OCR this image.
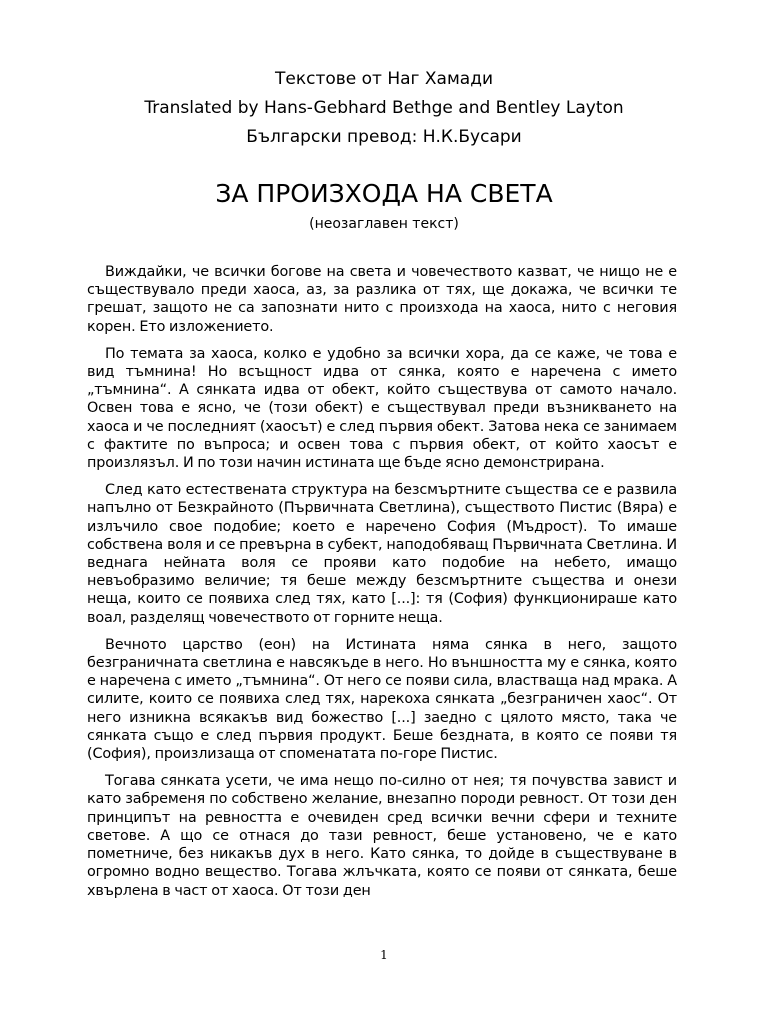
Текстове от Наг Хамади
Translated by Hans-Gebhard Bethge and Bentley Layton
Български превод: Н.К.Бусари
ЗА ПРОИЗХОДА НА СВЕТА
(неозаглавен текст)

Виждайки, че всички богове на света и човечеството казват, че нищо не е съществувало преди хаоса, аз, за разлика от тях, ще докажа, че всички те грешат, защото не са запознати нито с произхода на хаоса, нито с неговия корен. Ето изложението.

По темата за хаоса, колко е удобно за всички хора, да се каже, че това е вид тъмнина! Но всъщност идва от сянка, която е наречена с името „тъмнина“. А сянката идва от обект, който съществува от самото начало. Освен това е ясно, че (този обект) е съществувал преди възникването на хаоса и че последният (хаосът) е след първия обект. Затова нека се занимаем с фактите по въпроса; и освен това с първия обект, от който хаосът е произлязъл. И по този начин истината ще бъде ясно демонстрирана.

След като естествената структура на безсмъртните същества се е развила напълно от Безкрайното (Първичната Светлина), съществото Пистис (Вяра) е излъчило свое подобие; което е наречено София (Мъдрост). То имаше собствена воля и се превърна в субект, наподобяващ Първичната Светлина. И веднага нейната воля се прояви като подобие на небето, имащо невъобразимо величие; тя беше между безсмъртните същества и онези неща, които се появиха след тях, като [...]: тя (София) функционираше като воал, разделящ човечеството от горните неща.

Вечното царство (еон) на Истината няма сянка в него, защото безграничната светлина е навсякъде в него. Но външността му е сянка, която е наречена с името „тъмнина“. От него се появи сила, властваща над мрака. А силите, които се появиха след тях, нарекоха сянката „безграничен хаос“. От него изникна всякакъв вид божество [...] заедно с цялото място, така че сянката също е след първия продукт. Беше бездната, в която се появи тя (София), произлизаща от споменатата по-горе Пистис.

Тогава сянката усети, че има нещо по-силно от нея; тя почувства завист и като забременя по собствено желание, внезапно породи ревност. От този ден принципът на ревността е очевиден сред всички вечни сфери и техните светове. А що се отнася до тази ревност, беше установено, че е като пометниче, без никакъв дух в него. Като сянка, то дойде в съществуване в огромно водно вещество. Тогава жлъчката, която се появи от сянката, беше хвърлена в част от хаоса. От този ден

1
